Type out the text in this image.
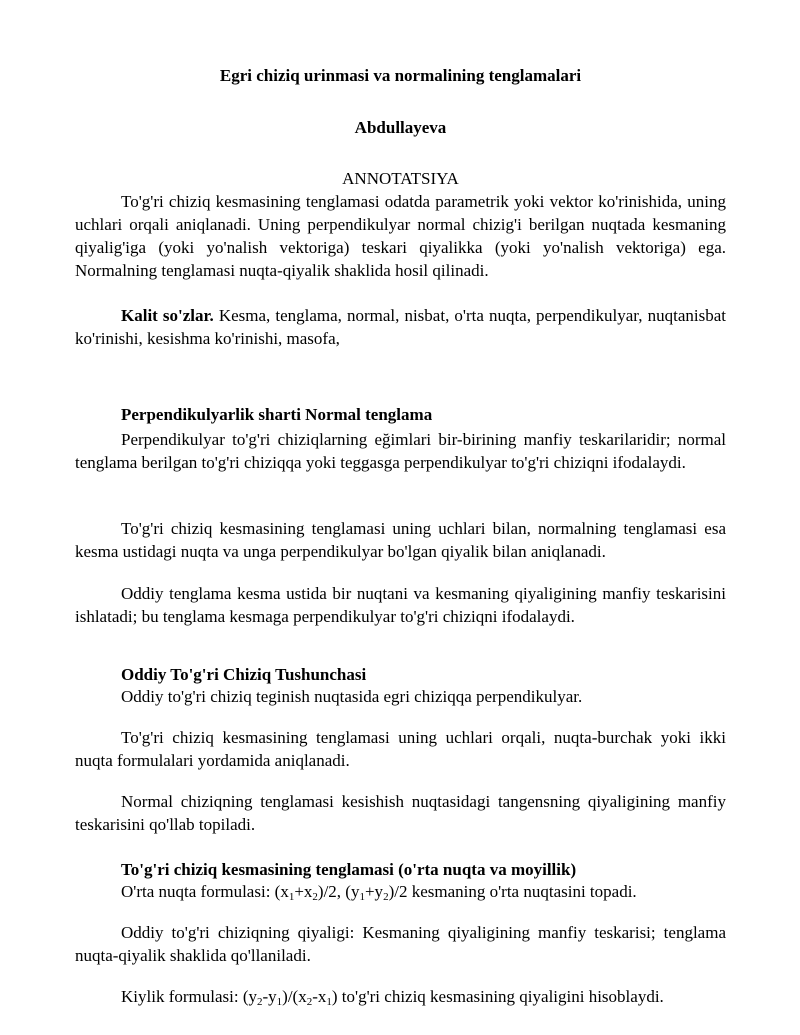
Egri chiziq urinmasi va normalining tenglamalari
Abdullayeva
ANNOTATSIYA
To'g'ri chiziq kesmasining tenglamasi odatda parametrik yoki vektor ko'rinishida, uning uchlari orqali aniqlanadi. Uning perpendikulyar normal chizig'i berilgan nuqtada kesmaning qiyalig'iga (yoki yo'nalish vektoriga) teskari qiyalikka (yoki yo'nalish vektoriga) ega. Normalning tenglamasi nuqta-qiyalik shaklida hosil qilinadi.
Kalit so'zlar. Kesma, tenglama, normal, nisbat, o'rta nuqta, perpendikulyar, nuqtanisbat ko'rinishi, kesishma ko'rinishi, masofa,
Perpendikulyarlik sharti Normal tenglama
Perpendikulyar to'g'ri chiziqlarning eğimlari bir-birining manfiy teskarilaridir; normal tenglama berilgan to'g'ri chiziqqa yoki teggasga perpendikulyar to'g'ri chiziqni ifodalaydi.
To'g'ri chiziq kesmasining tenglamasi uning uchlari bilan, normalning tenglamasi esa kesma ustidagi nuqta va unga perpendikulyar bo'lgan qiyalik bilan aniqlanadi.
Oddiy tenglama kesma ustida bir nuqtani va kesmaning qiyaligining manfiy teskarisini ishlatadi; bu tenglama kesmaga perpendikulyar to'g'ri chiziqni ifodalaydi.
Oddiy To'g'ri Chiziq Tushunchasi
Oddiy to'g'ri chiziq teginish nuqtasida egri chiziqqa perpendikulyar.
To'g'ri chiziq kesmasining tenglamasi uning uchlari orqali, nuqta-burchak yoki ikki nuqta formulalari yordamida aniqlanadi.
Normal chiziqning tenglamasi kesishish nuqtasidagi tangensning qiyaligining manfiy teskarisini qo'llab topiladi.
To'g'ri chiziq kesmasining tenglamasi (o'rta nuqta va moyillik)
O'rta nuqta formulasi: $(x_1+x_2)/2$, $(y_1+y_2)/2$ kesmaning o'rta nuqtasini topadi.
Oddiy to'g'ri chiziqning qiyaligi: Kesmaning qiyaligining manfiy teskarisi; tenglama nuqta-qiyalik shaklida qo'llaniladi.
Kiylik formulasi: $(y_2-y_1)/(x_2-x_1)$ to'g'ri chiziq kesmasining qiyaligini hisoblaydi.
